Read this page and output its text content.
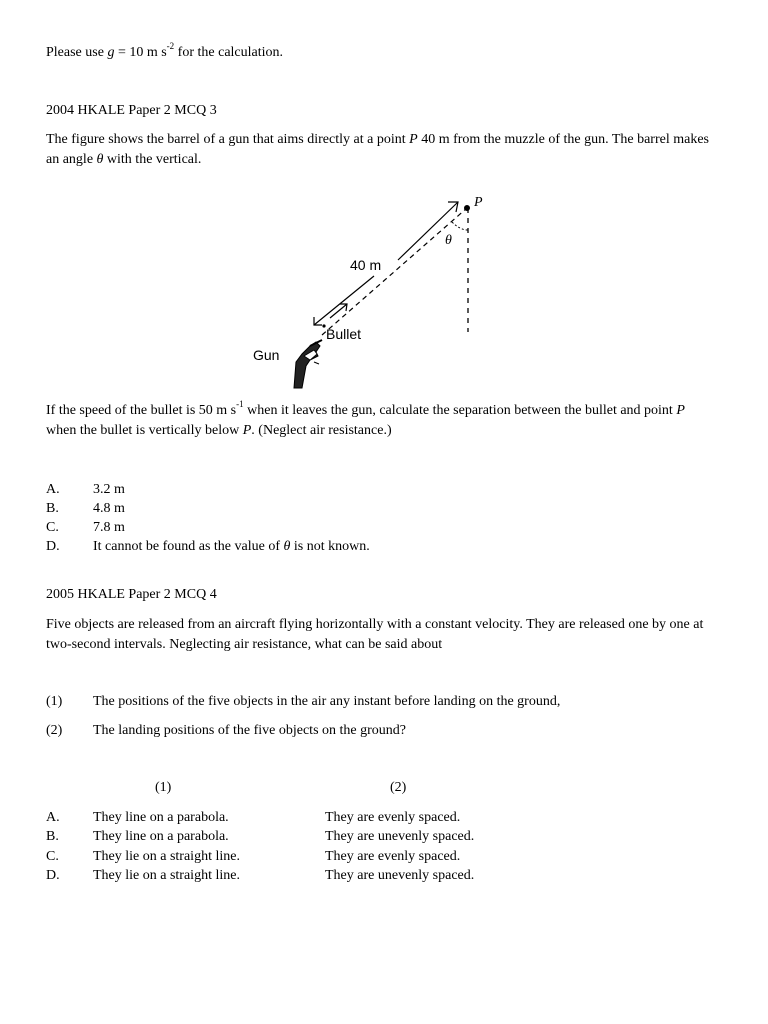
Please use g = 10 m $s^{-2}$ for the calculation.
2004 HKALE Paper 2 MCQ 3
The figure shows the barrel of a gun that aims directly at a point P 40 m from the muzzle of the gun. The barrel makes an angle θ with the vertical.
P
θ
40 m
Bullet
Gun
If the speed of the bullet is 50 m $s^{-1}$ when it leaves the gun, calculate the separation between the bullet and point P when the bullet is vertically below P. (Neglect air resistance.)
A. 3.2 m
B. 4.8 m
C. 7.8 m
D. It cannot be found as the value of θ is not known.
2005 HKALE Paper 2 MCQ 4
Five objects are released from an aircraft flying horizontally with a constant velocity. They are released one by one at two-second intervals. Neglecting air resistance, what can be said about
(1) The positions of the five objects in the air any instant before landing on the ground,
(2) The landing positions of the five objects on the ground?
(1)	(2)
A. They line on a parabola.	They are evenly spaced.
B. They line on a parabola.	They are unevenly spaced.
C. They lie on a straight line.	They are evenly spaced.
D. They lie on a straight line.	They are unevenly spaced.
